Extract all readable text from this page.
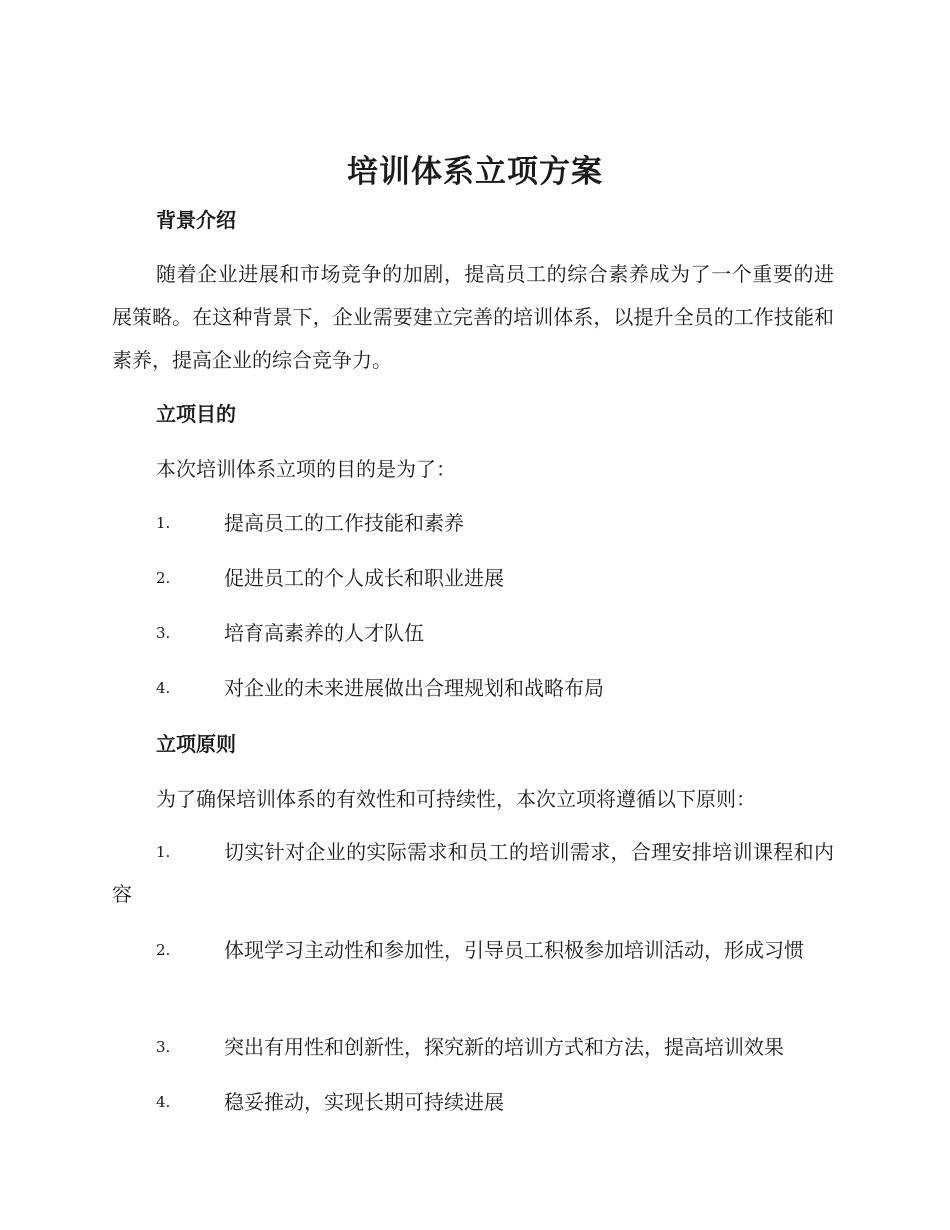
培训体系立项方案
背景介绍
随着企业进展和市场竞争的加剧，提高员工的综合素养成为了一个重要的进展策略。在这种背景下，企业需要建立完善的培训体系，以提升全员的工作技能和素养，提高企业的综合竞争力。
立项目的
本次培训体系立项的目的是为了：
1.	提高员工的工作技能和素养
2.	促进员工的个人成长和职业进展
3.	培育高素养的人才队伍
4.	对企业的未来进展做出合理规划和战略布局
立项原则
为了确保培训体系的有效性和可持续性，本次立项将遵循以下原则：
1.	切实针对企业的实际需求和员工的培训需求，合理安排培训课程和内容
2.	体现学习主动性和参加性，引导员工积极参加培训活动，形成习惯
3.	突出有用性和创新性，探究新的培训方式和方法，提高培训效果
4.	稳妥推动，实现长期可持续进展
